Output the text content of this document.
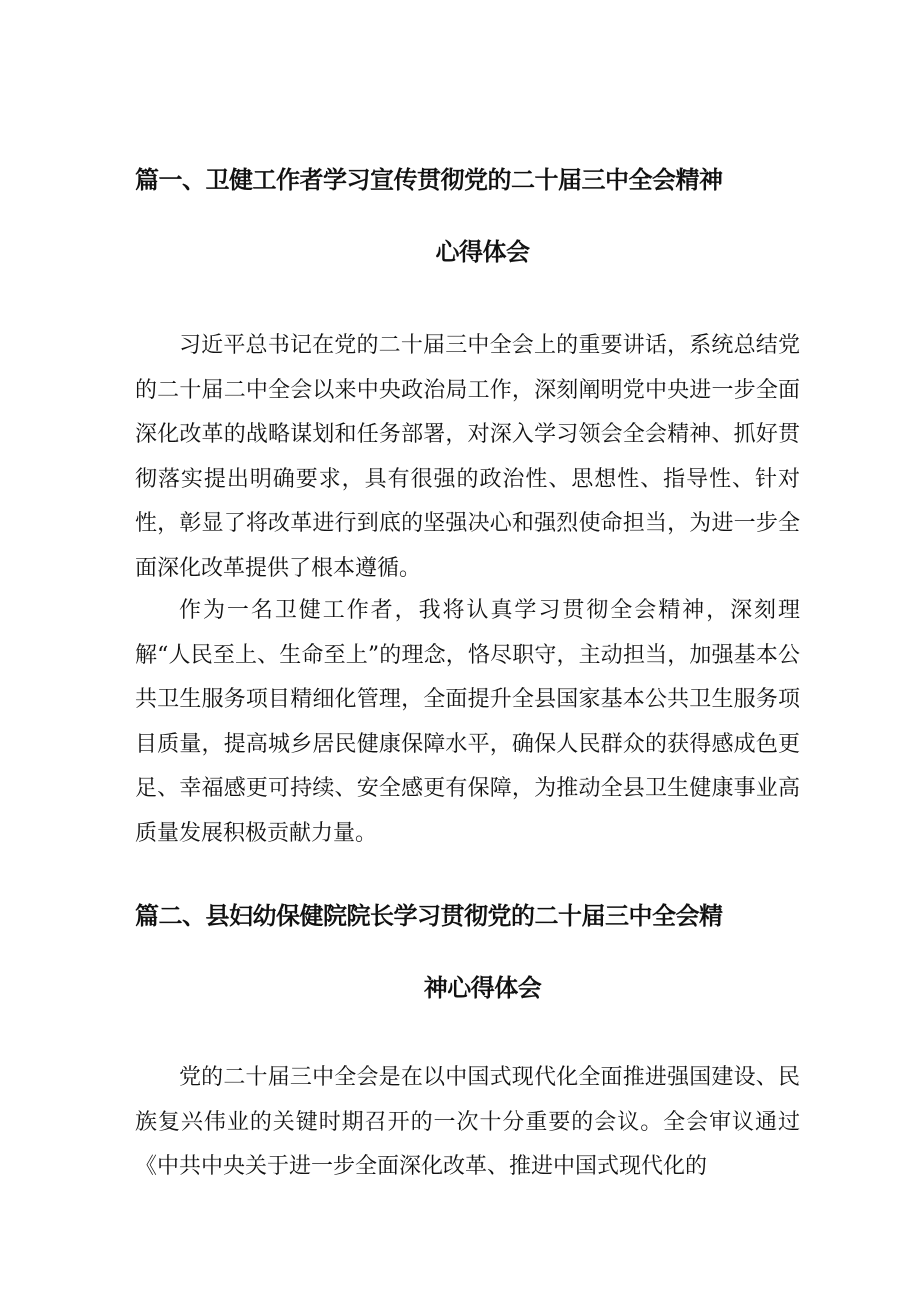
篇一、卫健工作者学习宣传贯彻党的二十届三中全会精神
心得体会

习近平总书记在党的二十届三中全会上的重要讲话，系统总结党的二十届二中全会以来中央政治局工作，深刻阐明党中央进一步全面深化改革的战略谋划和任务部署，对深入学习领会全会精神、抓好贯彻落实提出明确要求，具有很强的政治性、思想性、指导性、针对性，彰显了将改革进行到底的坚强决心和强烈使命担当，为进一步全面深化改革提供了根本遵循。

作为一名卫健工作者，我将认真学习贯彻全会精神，深刻理解“人民至上、生命至上”的理念，恪尽职守，主动担当，加强基本公共卫生服务项目精细化管理，全面提升全县国家基本公共卫生服务项目质量，提高城乡居民健康保障水平，确保人民群众的获得感成色更足、幸福感更可持续、安全感更有保障，为推动全县卫生健康事业高质量发展积极贡献力量。

篇二、县妇幼保健院院长学习贯彻党的二十届三中全会精
神心得体会

党的二十届三中全会是在以中国式现代化全面推进强国建设、民族复兴伟业的关键时期召开的一次十分重要的会议。全会审议通过《中共中央关于进一步全面深化改革、推进中国式现代化的
